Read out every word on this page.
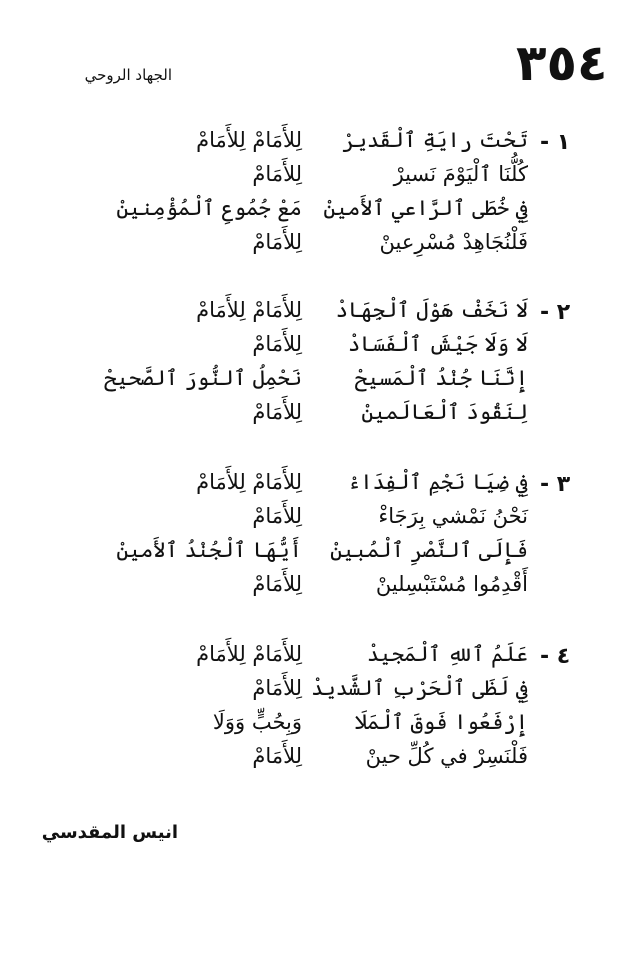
٣٥٤
الجهاد الروحي
١ -
تَحْتَ رايَةِ ٱلْقَديرْ
لِلأَمَامْ لِلأَمَامْ
كُلُّنَا ٱلْيَوْمَ نَسيرْ
لِلأَمَامْ
فِي خُطَى ٱلرَّاعي ٱلأَمينْ
مَعْ جُمُوعِ ٱلْمُؤْمِنينْ
فَلْنُجَاهِدْ مُسْرِعينْ
لِلأَمَامْ
٢ -
لَا نَخَفْ هَوْلَ ٱلْجِهَادْ
لِلأَمَامْ لِلأَمَامْ
لَا وَلَا جَيْشَ ٱلْفَسَادْ
لِلأَمَامْ
إِنَّنَا جُنْدُ ٱلْمَسيحْ
نَحْمِلُ ٱلنُّورَ ٱلصَّحيحْ
لِنَقُودَ ٱلْعَالَمينْ
لِلأَمَامْ
٣ -
فِي ضِيَا نَجْمِ ٱلْفِدَاءْ
لِلأَمَامْ لِلأَمَامْ
نَحْنُ نَمْشي بِرَجَاءْ
لِلأَمَامْ
فَإِلَى ٱلنَّصْرِ ٱلْمُبينْ
أَيُّهَا ٱلْجُنْدُ ٱلأَمينْ
أَقْدِمُوا مُسْتَبْسِلينْ
لِلأَمَامْ
٤ -
عَلَمُ ٱللهِ ٱلْمَجيدْ
لِلأَمَامْ لِلأَمَامْ
فِي لَظَى ٱلْحَرْبِ ٱلشَّديدْ
لِلأَمَامْ
إِرْفَعُوا فَوقَ ٱلْمَلَا
وَبِحُبٍّ وَوَلَا
فَلْنَسِرْ في كُلِّ حينْ
لِلأَمَامْ
انيس المقدسي
